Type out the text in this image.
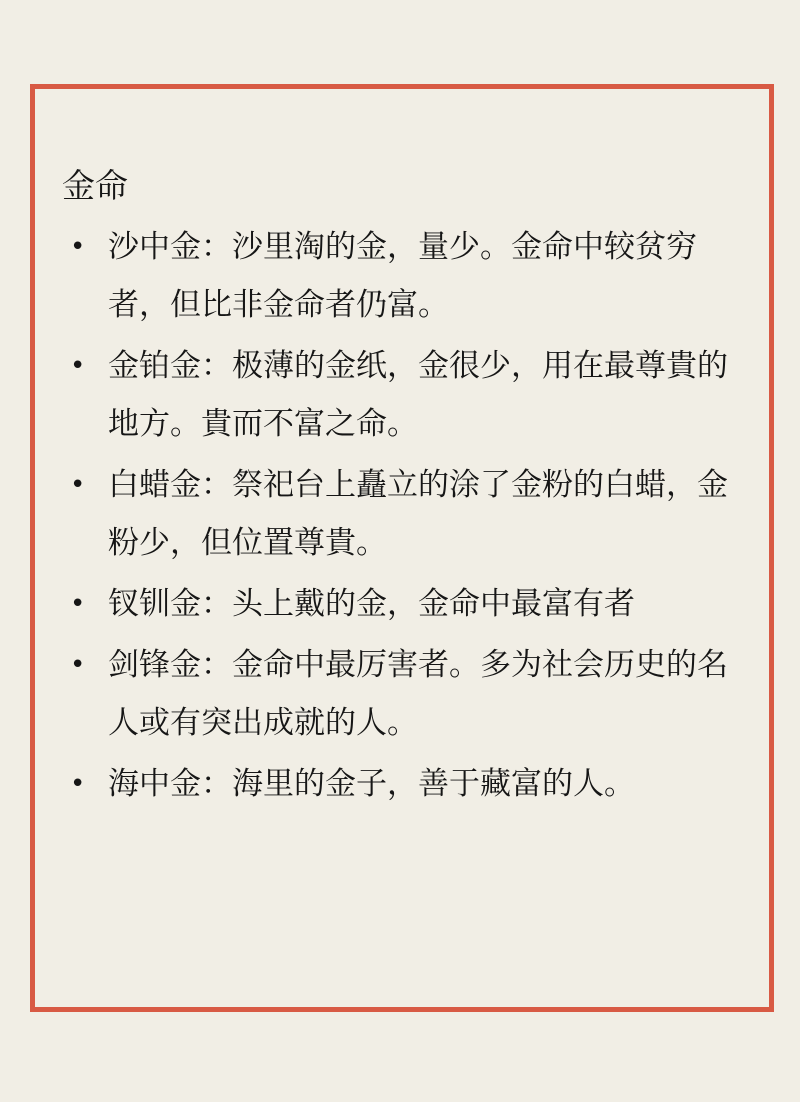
金命
• 沙中金：沙里淘的金，量少。金命中较贫穷者，但比非金命者仍富。
• 金铂金：极薄的金纸，金很少，用在最尊貴的地方。貴而不富之命。
• 白蜡金：祭祀台上矗立的涂了金粉的白蜡，金粉少，但位置尊貴。
• 钗钏金：头上戴的金，金命中最富有者
• 剑锋金：金命中最厉害者。多为社会历史的名人或有突出成就的人。
• 海中金：海里的金子，善于藏富的人。
